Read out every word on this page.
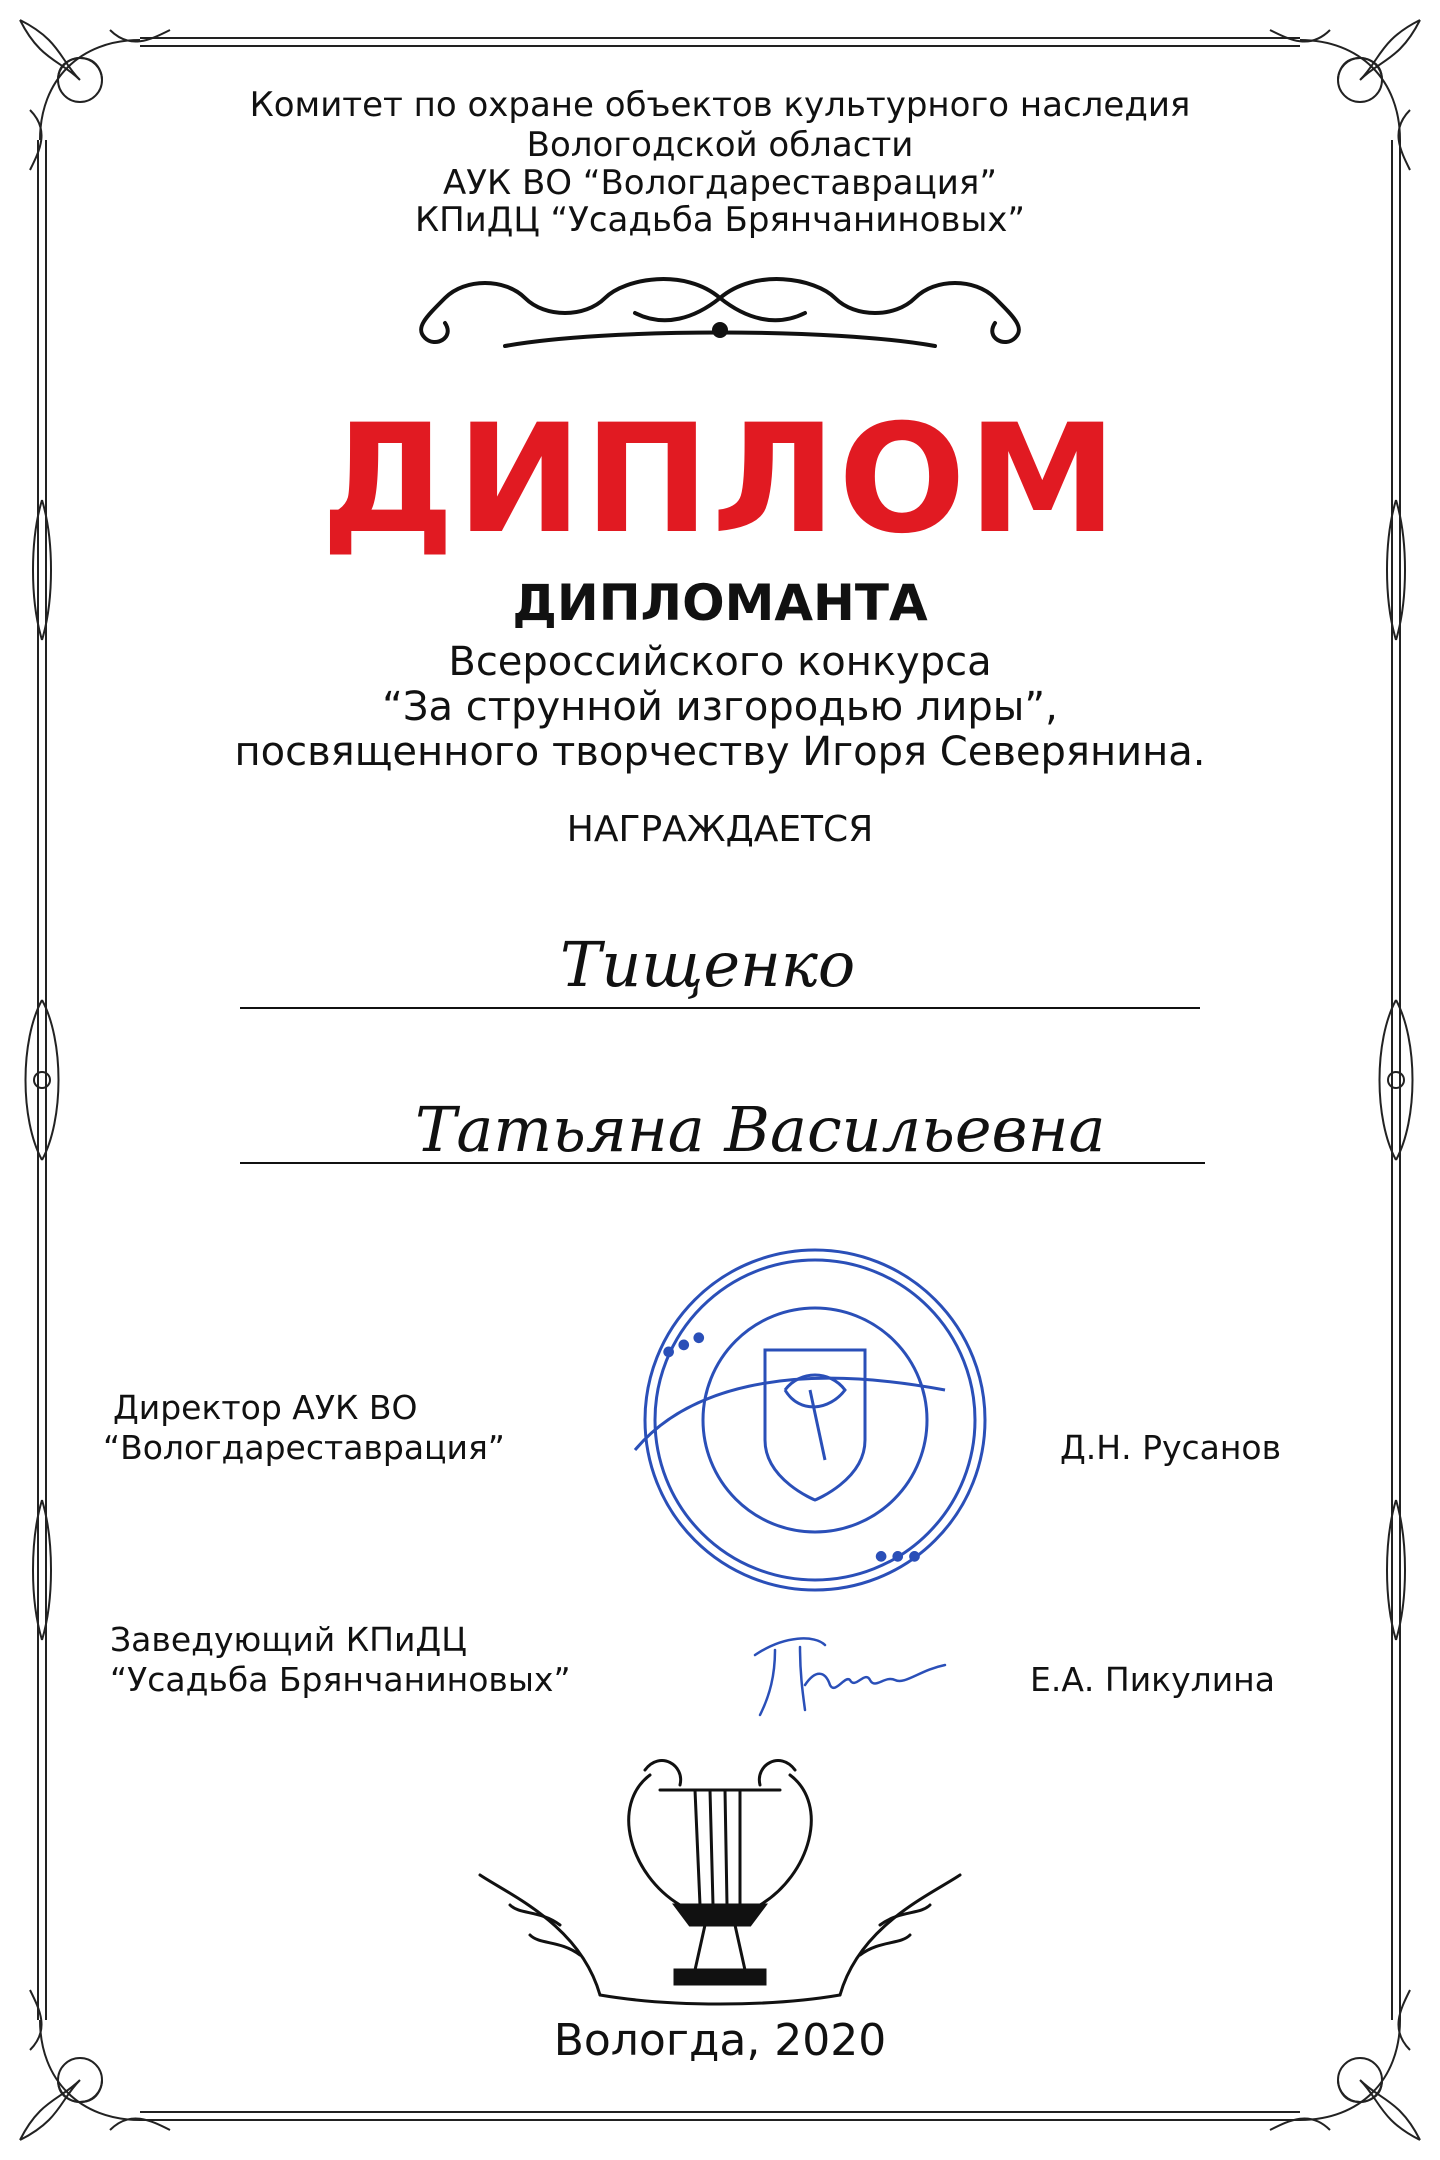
Комитет по охране объектов культурного наследия
Вологодской области
АУК ВО “Вологдареставрация”
КПиДЦ “Усадьба Брянчаниновых”
ДИПЛОМ
ДИПЛОМАНТА
Всероссийского конкурса
“За струнной изгородью лиры”,
посвященного творчеству Игоря Северянина.
НАГРАЖДАЕТСЯ
Тищенко
Татьяна Васильевна
● ● ●
● ● ●
Директор АУК ВО
“Вологдареставрация”	Д.Н. Русанов
Заведующий КПиДЦ
“Усадьба Брянчаниновых”	Е.А. Пикулина
Вологда, 2020
